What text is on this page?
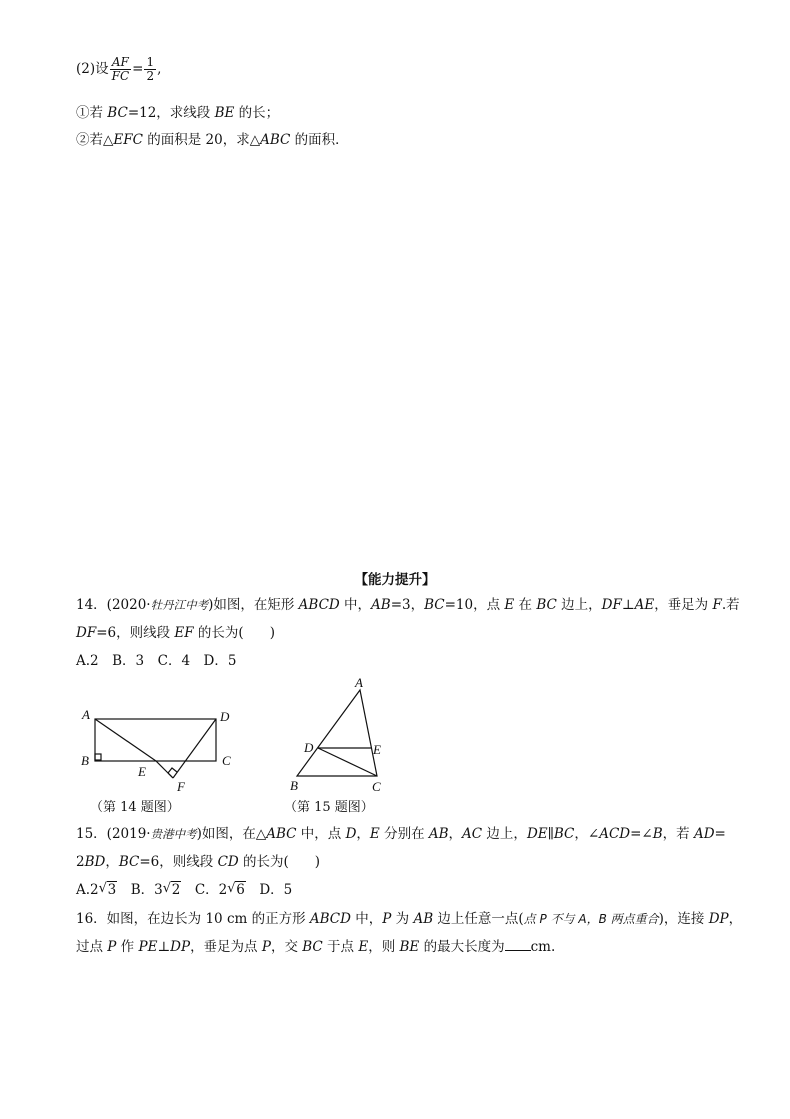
(2)设 $\frac{AF}{FC} = \frac{1}{2}$ ,
①若 BC=12，求线段 BE 的长；
②若△EFC 的面积是 20，求△ABC 的面积．
【能力提升】
14．(2020·牡丹江中考)如图，在矩形 ABCD 中，AB=3，BC=10，点 E 在 BC 边上，DF⊥AE，垂足为 F.若
DF=6，则线段 EF 的长为( )
A.2　B．3　C．4　D．5
A	D
B	C
E
F
（第 14 题图）
A
D	E
B	C
（第 15 题图）
15．(2019·贵港中考)如图，在△ABC 中，点 D，E 分别在 AB，AC 边上，DE∥BC，∠ACD=∠B，若 AD=
2BD，BC=6，则线段 CD 的长为( )
A.2 √ 3　B．3 √ 2　C．2 √ 6　D．5
16．如图，在边长为 10 cm 的正方形 ABCD 中，P 为 AB 边上任意一点(点 P 不与 A，B 两点重合)，连接 DP，
过点 P 作 PE⊥DP，垂足为点 P，交 BC 于点 E，则 BE 的最大长度为 cm.
